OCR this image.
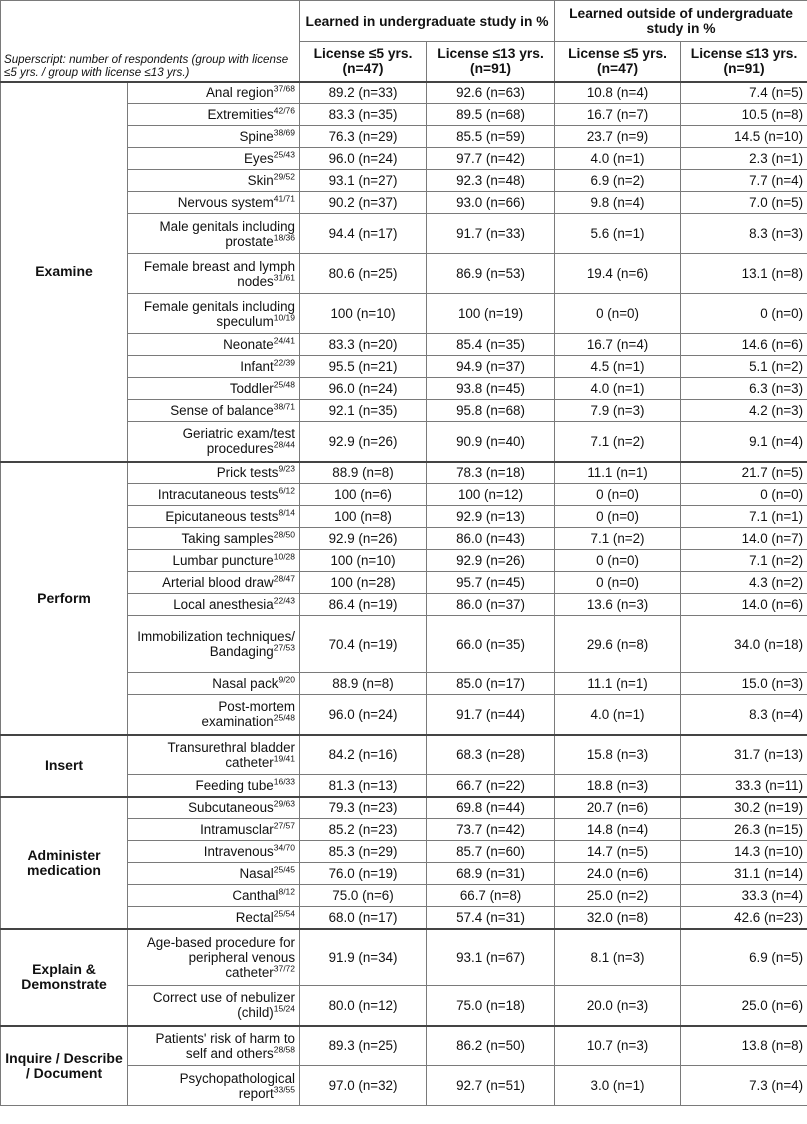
Superscript: number of respondents (group with license ≤5 yrs. / group with license ≤13 yrs.)		Learned in undergraduate study in %		Learned outside of undergraduate study in %	
		License ≤5 yrs. (n=47)	License ≤13 yrs. (n=91)	License ≤5 yrs. (n=47)	License ≤13 yrs. (n=91)
Examine	Anal region$^{37/68}$	89.2 (n=33)	92.6 (n=63)	10.8 (n=4)	7.4 (n=5)
	Extremities$^{42/76}$	83.3 (n=35)	89.5 (n=68)	16.7 (n=7)	10.5 (n=8)
	Spine$^{38/69}$	76.3 (n=29)	85.5 (n=59)	23.7 (n=9)	14.5 (n=10)
	Eyes$^{25/43}$	96.0 (n=24)	97.7 (n=42)	4.0 (n=1)	2.3 (n=1)
	Skin$^{29/52}$	93.1 (n=27)	92.3 (n=48)	6.9 (n=2)	7.7 (n=4)
	Nervous system$^{41/71}$	90.2 (n=37)	93.0 (n=66)	9.8 (n=4)	7.0 (n=5)
	Male genitals including prostate$^{18/36}$	94.4 (n=17)	91.7 (n=33)	5.6 (n=1)	8.3 (n=3)
	Female breast and lymph nodes$^{31/61}$	80.6 (n=25)	86.9 (n=53)	19.4 (n=6)	13.1 (n=8)
	Female genitals including speculum$^{10/19}$	100 (n=10)	100 (n=19)	0 (n=0)	0 (n=0)
	Neonate$^{24/41}$	83.3 (n=20)	85.4 (n=35)	16.7 (n=4)	14.6 (n=6)
	Infant$^{22/39}$	95.5 (n=21)	94.9 (n=37)	4.5 (n=1)	5.1 (n=2)
	Toddler$^{25/48}$	96.0 (n=24)	93.8 (n=45)	4.0 (n=1)	6.3 (n=3)
	Sense of balance$^{38/71}$	92.1 (n=35)	95.8 (n=68)	7.9 (n=3)	4.2 (n=3)
	Geriatric exam/test procedures$^{28/44}$	92.9 (n=26)	90.9 (n=40)	7.1 (n=2)	9.1 (n=4)
Perform	Prick tests$^{9/23}$	88.9 (n=8)	78.3 (n=18)	11.1 (n=1)	21.7 (n=5)
	Intracutaneous tests$^{6/12}$	100 (n=6)	100 (n=12)	0 (n=0)	0 (n=0)
	Epicutaneous tests$^{8/14}$	100 (n=8)	92.9 (n=13)	0 (n=0)	7.1 (n=1)
	Taking samples$^{28/50}$	92.9 (n=26)	86.0 (n=43)	7.1 (n=2)	14.0 (n=7)
	Lumbar puncture$^{10/28}$	100 (n=10)	92.9 (n=26)	0 (n=0)	7.1 (n=2)
	Arterial blood draw$^{28/47}$	100 (n=28)	95.7 (n=45)	0 (n=0)	4.3 (n=2)
	Local anesthesia$^{22/43}$	86.4 (n=19)	86.0 (n=37)	13.6 (n=3)	14.0 (n=6)
	Immobilization techniques/ Bandaging$^{27/53}$	70.4 (n=19)	66.0 (n=35)	29.6 (n=8)	34.0 (n=18)
	Nasal pack$^{9/20}$	88.9 (n=8)	85.0 (n=17)	11.1 (n=1)	15.0 (n=3)
	Post-mortem examination$^{25/48}$	96.0 (n=24)	91.7 (n=44)	4.0 (n=1)	8.3 (n=4)
Insert	Transurethral bladder catheter$^{19/41}$	84.2 (n=16)	68.3 (n=28)	15.8 (n=3)	31.7 (n=13)
	Feeding tube$^{16/33}$	81.3 (n=13)	66.7 (n=22)	18.8 (n=3)	33.3 (n=11)
Administer medication	Subcutaneous$^{29/63}$	79.3 (n=23)	69.8 (n=44)	20.7 (n=6)	30.2 (n=19)
	Intramusclar$^{27/57}$	85.2 (n=23)	73.7 (n=42)	14.8 (n=4)	26.3 (n=15)
	Intravenous$^{34/70}$	85.3 (n=29)	85.7 (n=60)	14.7 (n=5)	14.3 (n=10)
	Nasal$^{25/45}$	76.0 (n=19)	68.9 (n=31)	24.0 (n=6)	31.1 (n=14)
	Canthal$^{8/12}$	75.0 (n=6)	66.7 (n=8)	25.0 (n=2)	33.3 (n=4)
	Rectal$^{25/54}$	68.0 (n=17)	57.4 (n=31)	32.0 (n=8)	42.6 (n=23)
Explain & Demonstrate	Age-based procedure for peripheral venous catheter$^{37/72}$	91.9 (n=34)	93.1 (n=67)	8.1 (n=3)	6.9 (n=5)
	Correct use of nebulizer (child)$^{15/24}$	80.0 (n=12)	75.0 (n=18)	20.0 (n=3)	25.0 (n=6)
Inquire / Describe / Document	Patients' risk of harm to self and others$^{28/58}$	89.3 (n=25)	86.2 (n=50)	10.7 (n=3)	13.8 (n=8)
	Psychopathological report$^{33/55}$	97.0 (n=32)	92.7 (n=51)	3.0 (n=1)	7.3 (n=4)
